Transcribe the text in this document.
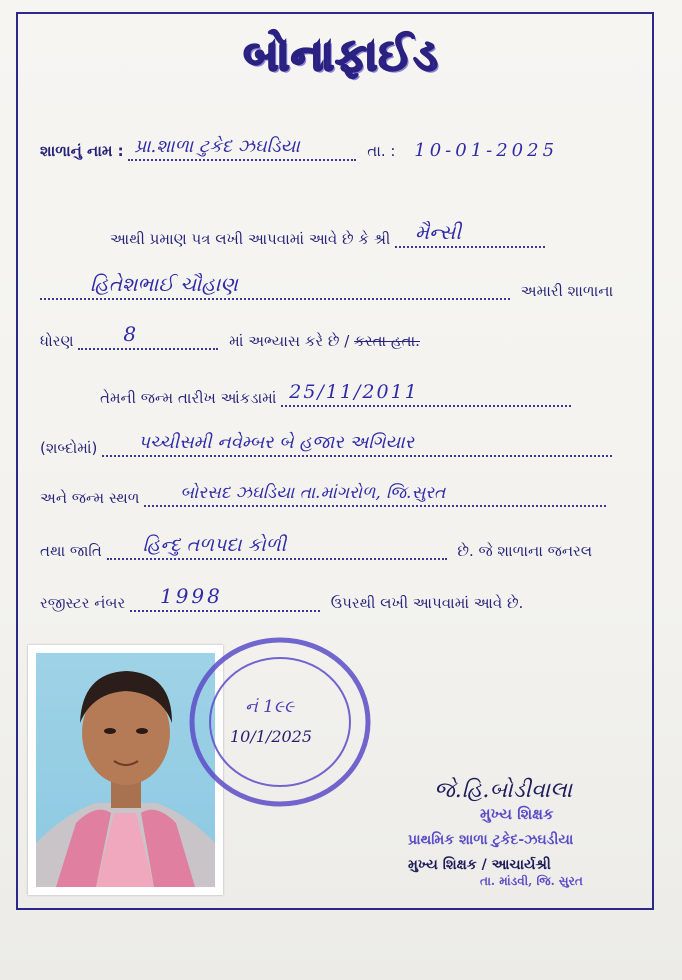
બોનાફાઈડ
શાળાનું નામ : પ્રા.શાળા ટુકેદ ઝઘડિયા	તા. : 10-01-2025
આથી પ્રમાણ પત્ર લખી આપવામાં આવે છે કે શ્રી મૈન્સી
હિતેશભાઈ ચૌહાણ	અમારી શાળાના
ધોરણ 8	માં અભ્યાસ કરે છે / કરતા હતા.
તેમની જન્મ તારીખ આંકડામાં 25/11/2011
(શબ્દોમાં) પચ્ચીસમી નવેમ્બર બે હજાર અગિયાર
અને જન્મ સ્થળ બોરસદ ઝઘડિયા તા.માંગરોળ, જિ.સુરત
તથા જાતિ હિન્દુ તળપદા કોળી	છે. જે શાળાના જનરલ
રજીસ્ટર નંબર 1998	ઉપરથી લખી આપવામાં આવે છે.
નં 1૯૯
10/1/2025
જે.હિ.બોડીવાલા
મુખ્ય શિક્ષક
પ્રાથમિક શાળા ટુકેદ-ઝઘડીયા
મુખ્ય શિક્ષક / આચાર્યશ્રી
તા. માંડવી, જિ. સુરત
